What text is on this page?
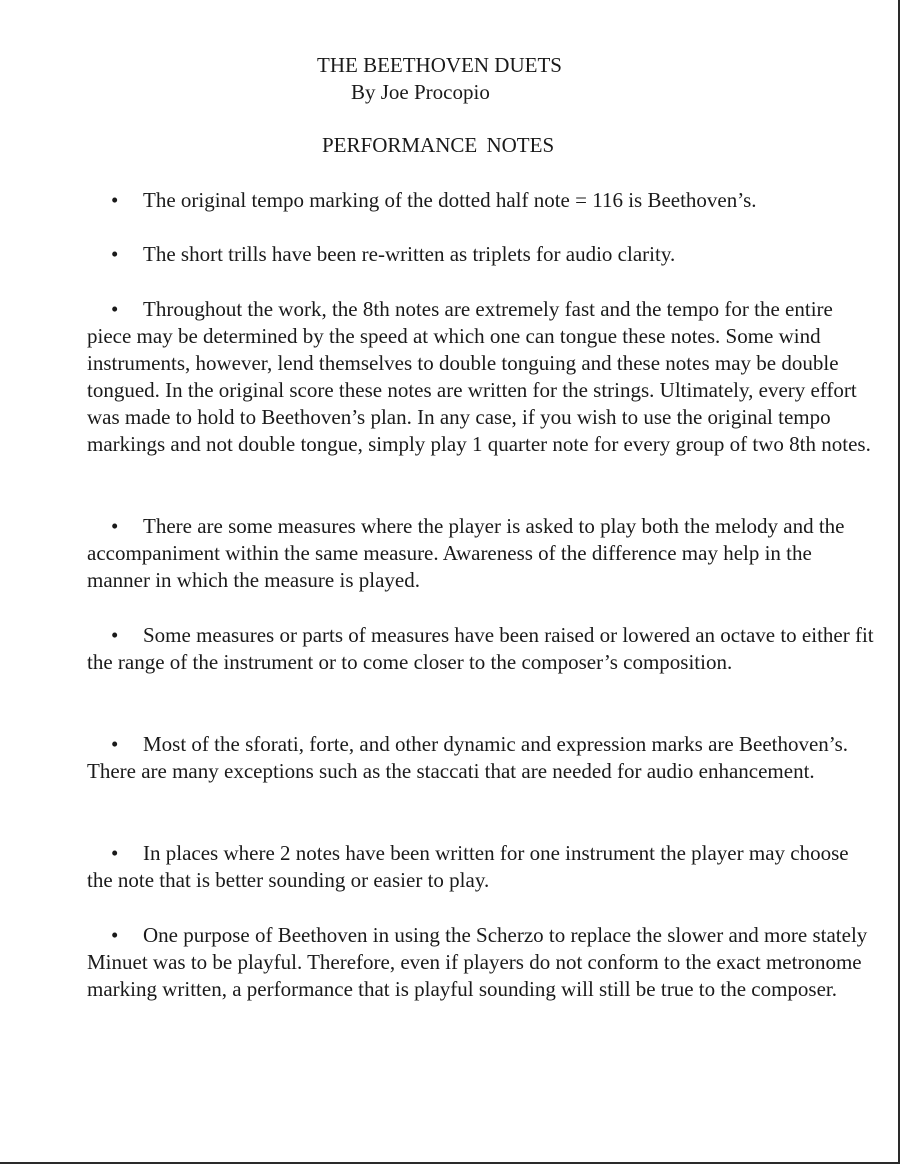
THE BEETHOVEN DUETS

By Joe Procopio

PERFORMANCE NOTES

• The original tempo marking of the dotted half note = 116 is Beethoven’s.

• The short trills have been re-written as triplets for audio clarity.

• Throughout the work, the 8th notes are extremely fast and the tempo for the entire piece may be determined by the speed at which one can tongue these notes. Some wind instruments, however, lend themselves to double tonguing and these notes may be double tongued. In the original score these notes are written for the strings. Ultimately, every effort was made to hold to Beethoven’s plan. In any case, if you wish to use the original tempo markings and not double tongue, simply play 1 quarter note for every group of two 8th notes.

• There are some measures where the player is asked to play both the melody and the accompaniment within the same measure. Awareness of the difference may help in the manner in which the measure is played.

• Some measures or parts of measures have been raised or lowered an octave to either fit the range of the instrument or to come closer to the composer’s composition.

• Most of the sforati, forte, and other dynamic and expression marks are Beethoven’s. There are many exceptions such as the staccati that are needed for audio enhancement.

• In places where 2 notes have been written for one instrument the player may choose the note that is better sounding or easier to play.

• One purpose of Beethoven in using the Scherzo to replace the slower and more stately Minuet was to be playful. Therefore, even if players do not conform to the exact metronome marking written, a performance that is playful sounding will still be true to the composer.
